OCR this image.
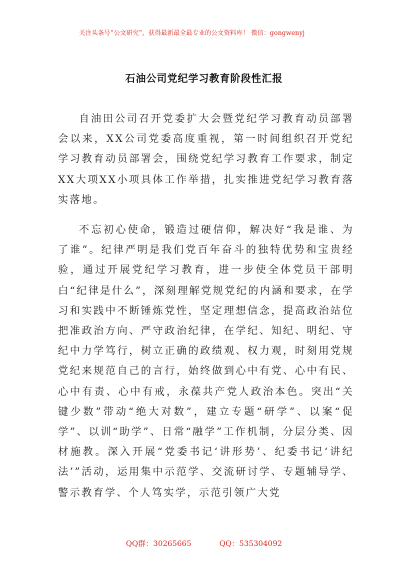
关注头条号“公文研究”，获得最新最全最专业的公文资料库！ 微信：gongwenyj
石油公司党纪学习教育阶段性汇报

自油田公司召开党委扩大会暨党纪学习教育动员部署会以来，XX公司党委高度重视，第一时间组织召开党纪学习教育动员部署会，围绕党纪学习教育工作要求，制定XX大项XX小项具体工作举措，扎实推进党纪学习教育落实落地。

不忘初心使命，锻造过硬信仰，解决好“我是谁、为了谁”。纪律严明是我们党百年奋斗的独特优势和宝贵经验，通过开展党纪学习教育，进一步使全体党员干部明白“纪律是什么”，深刻理解党规党纪的内涵和要求，在学习和实践中不断锤炼党性，坚定理想信念，提高政治站位把准政治方向、严守政治纪律，在学纪、知纪、明纪、守纪中力学笃行，树立正确的政绩观、权力观，时刻用党规党纪来规范自己的言行，始终做到心中有党、心中有民、心中有责、心中有戒，永葆共产党人政治本色。突出“关键少数”带动“绝大对数”，建立专题“研学”、以案“促学”、以训“助学”、日常“融学”工作机制，分层分类、因材施教。深入开展“党委书记‘讲形势’、纪委书记‘讲纪法’”活动，运用集中示范学、交流研讨学、专题辅导学、警示教育学、个人笃实学，示范引领广大党

QQ群：30265665	QQ：535304092
